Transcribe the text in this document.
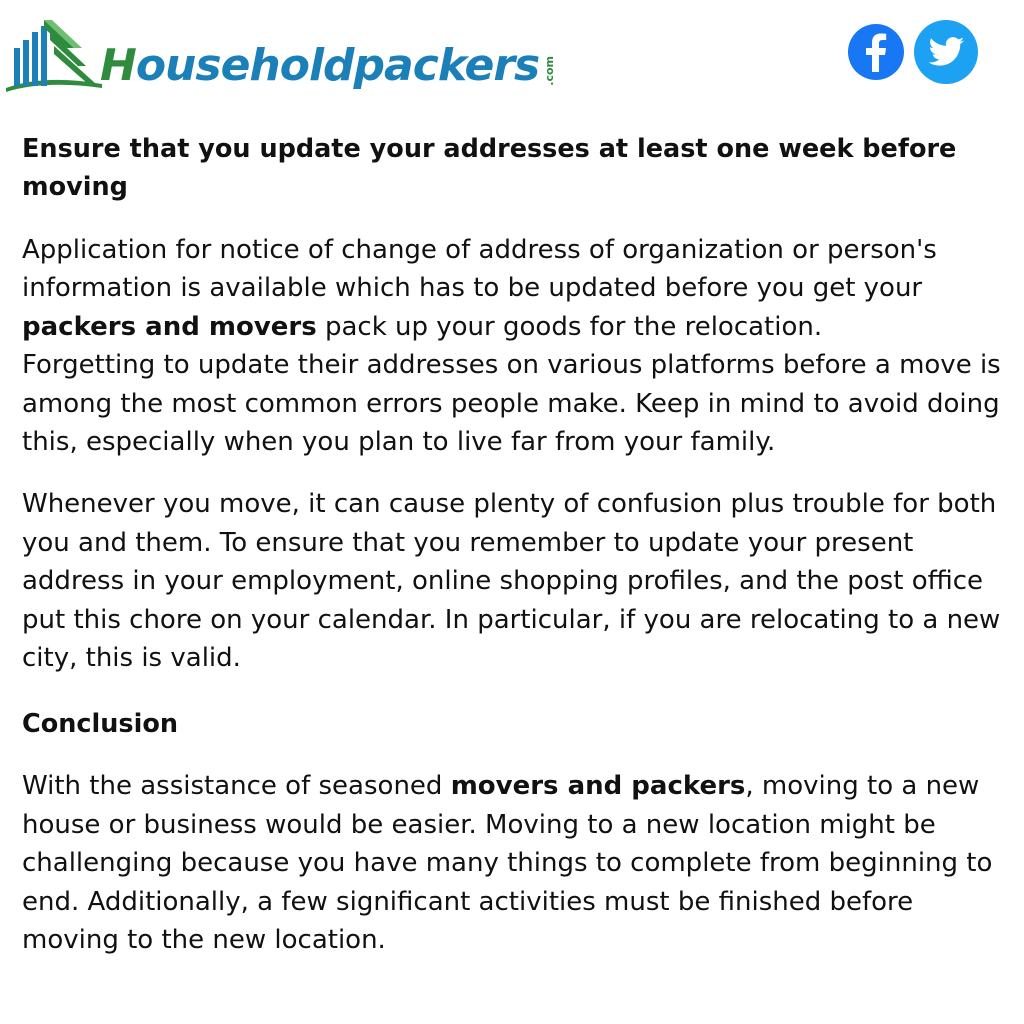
Householdpackers .com
Ensure that you update your addresses at least one week before moving

Application for notice of change of address of organization or person's information is available which has to be updated before you get your packers and movers pack up your goods for the relocation.
Forgetting to update their addresses on various platforms before a move is among the most common errors people make. Keep in mind to avoid doing this, especially when you plan to live far from your family.

Whenever you move, it can cause plenty of confusion plus trouble for both you and them. To ensure that you remember to update your present address in your employment, online shopping profiles, and the post office put this chore on your calendar. In particular, if you are relocating to a new city, this is valid.

Conclusion

With the assistance of seasoned movers and packers, moving to a new house or business would be easier. Moving to a new location might be challenging because you have many things to complete from beginning to end. Additionally, a few significant activities must be finished before moving to the new location.
